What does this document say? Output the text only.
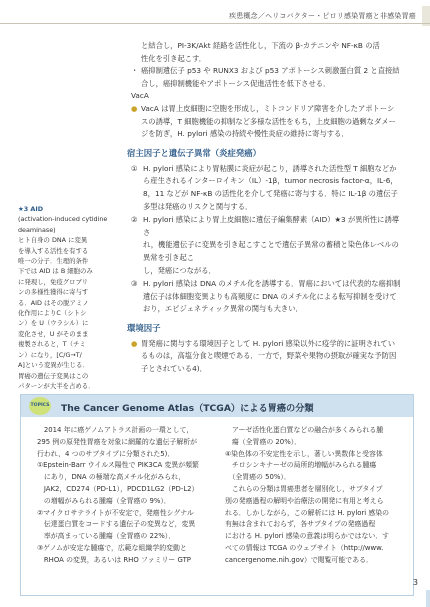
疾患概念／ヘリコバクター・ピロリ感染胃癌と非感染胃癌

と結合し，PI-3K/Akt 経路を活性化し，下流の β-カテニンや NF-κB の活

性化を引き起こす．

・ 癌抑制遺伝子 p53 や RUNX3 および p53 アポトーシス刺激蛋白質 2 と直接結
合し，癌抑制機能やアポトーシス促進活性を低下させる．

VacA

● VacA は胃上皮細胞に空胞を形成し，ミトコンドリア障害を介したアポトーシ
スの誘導，T 細胞機能の抑制など多様な活性をもち，上皮細胞の過剰なダメー
ジを防ぎ，H. pylori 感染の持続や慢性炎症の維持に寄与する．
宿主因子と遺伝子異常（炎症発癌）
① H. pylori 感染により胃粘膜に炎症が起こり，誘導された活性型 T 細胞などか
ら産生されるインターロイキン（IL）-1β，tumor necrosis factor-α，IL-6，
8，11 などが NF-κB の活性化を介して発癌に寄与する．特に IL-1β の遺伝子
多型は発癌のリスクと関与する．
② H. pylori 感染により胃上皮細胞に遺伝子編集酵素（AID）★3 が異所性に誘導さ
れ，機能遺伝子に変異を引き起こすことで遺伝子異常の蓄積と染色体レベルの異常を引き起こ
し，発癌につながる．
③ H. pylori 感染は DNA のメチル化を誘導する．胃癌においては代表的な癌抑制
遺伝子は体細胞変異よりも高頻度に DNA のメチル化による転写抑制を受けて
おり，エピジェネティック異常の関与も大きい．
環境因子
● 胃発癌に関与する環境因子として H. pylori 感染以外に疫学的に証明されてい
るものは，高塩分食と喫煙である．一方で，野菜や果物の摂取が確実な予防因
子とされている4)．
★3 AID
(activation-induced cytidine
deaminase)
ヒト自身の DNA に変異
を導入する活性を有する
唯一の分子．生理的条件
下では AID は B 細胞のみ
に発現し，免疫グロブリ
ンの多様性獲得に寄与す
る．AID はその脱アミノ
化作用によりC（シトシ
ン）を U（ウラシル）に
変化させ，U がそのまま
複製されると，T（チミ
ン）になり，[C/G→T/
A]という変異が生じる．
胃癌の遺伝子変異はこの
パターンが大半を占める．
TOPICS The Cancer Genome Atlas（TCGA）による胃癌の分類
　2014 年に癌ゲノムアトラス計画の一環として，
295 例の原発性胃癌を対象に網羅的な遺伝子解析が
行われ，4 つのサブタイプに分類された5)．
①Epstein-Barr ウイルス陽性で PIK3CA 変異が頻繁
　にあり，DNA の極端な高メチル化がみられ，
　JAK2，CD274（PD-L1），PDCD1LG2（PD-L2）
　の増幅がみられる腫瘍（全胃癌の 9%）．
②マイクロサテライトが不安定で，発癌性シグナル
　伝達蛋白質をコードする遺伝子の変異など，変異
　率が高まっている腫瘍（全胃癌の 22%）．
③ゲノムが安定な腫瘍で，広範な組織学的変動と
　RHOA の変異，あるいは RHO ファミリー GTP
　アーゼ活性化蛋白質などの融合が多くみられる腫
　瘍（全胃癌の 20%）．
④染色体の不安定性を示し，著しい異数体と受容体
　チロシンキナーゼの局所的増幅がみられる腫瘍
　（全胃癌の 50%）．
　これらの分類は胃癌患者を層別化し，サブタイプ
別の発癌過程の解明や治療法の開発に有用と考えら
れる．しかしながら，この解析には H. pylori 感染の
有無は含まれておらず，各サブタイプの発癌過程
における H. pylori 感染の意義は明らかではない．す
べての情報は TCGA のウェブサイト（http://www.
cancergenome.nih.gov）で閲覧可能である．
3
